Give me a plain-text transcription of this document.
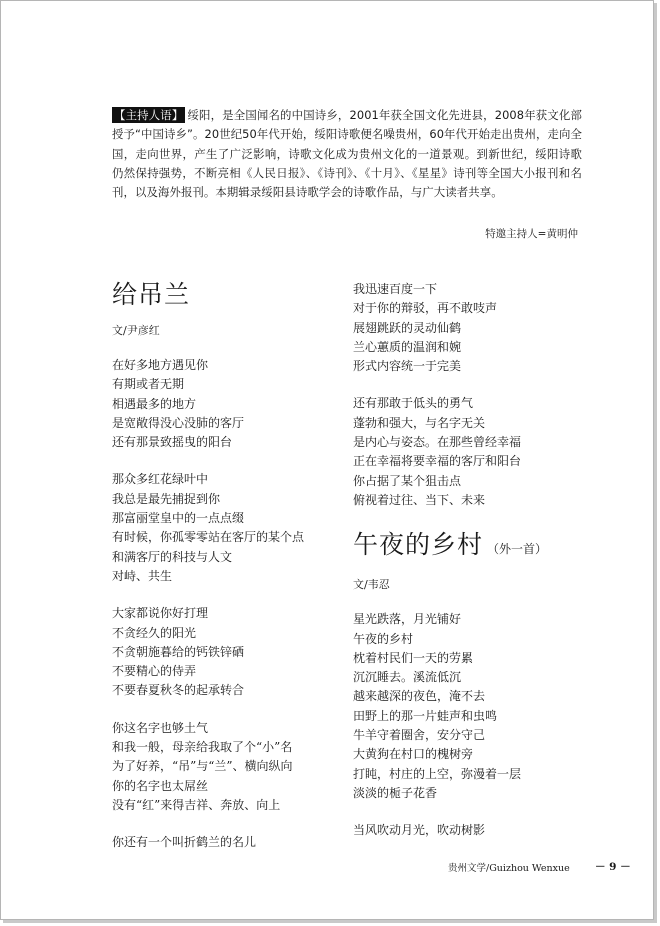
【主持人语】 绥阳，是全国闻名的中国诗乡，2001年获全国文化先进县，2008年获文化部授予“中国诗乡”。20世纪50年代开始，绥阳诗歌便名噪贵州，60年代开始走出贵州，走向全国，走向世界，产生了广泛影响，诗歌文化成为贵州文化的一道景观。到新世纪，绥阳诗歌仍然保持强势，不断亮相《人民日报》、《诗刊》、《十月》、《星星》诗刊等全国大小报刊和名刊，以及海外报刊。本期辑录绥阳县诗歌学会的诗歌作品，与广大读者共享。
特邀主持人=黄明仲
给吊兰
文/尹彦红
在好多地方遇见你
有期或者无期
相遇最多的地方
是宽敞得没心没肺的客厅
还有那景致摇曳的阳台
那众多红花绿叶中
我总是最先捕捉到你
那富丽堂皇中的一点点缀
有时候，你孤零零站在客厅的某个点
和满客厅的科技与人文
对峙、共生
大家都说你好打理
不贪经久的阳光
不贪朝施暮给的钙铁锌硒
不要精心的侍弄
不要春夏秋冬的起承转合
你这名字也够土气
和我一般，母亲给我取了个“小”名
为了好养，“吊”与“兰”、横向纵向
你的名字也太屌丝
没有“红”来得吉祥、奔放、向上
你还有一个叫折鹤兰的名儿
我迅速百度一下
对于你的辩驳，再不敢吱声
展翅跳跃的灵动仙鹤
兰心蕙质的温润和婉
形式内容统一于完美
还有那敢于低头的勇气
蓬勃和强大，与名字无关
是内心与姿态。在那些曾经幸福
正在幸福将要幸福的客厅和阳台
你占据了某个狙击点
俯视着过往、当下、未来
午夜的乡村 （外一首）
文/韦忍
星光跌落，月光铺好
午夜的乡村
枕着村民们一天的劳累
沉沉睡去。溪流低沉
越来越深的夜色，淹不去
田野上的那一片蛙声和虫鸣
牛羊守着圈舍，安分守己
大黄狗在村口的槐树旁
打盹，村庄的上空，弥漫着一层
淡淡的栀子花香
当风吹动月光，吹动树影
贵州文学/Guizhou Wenxue － 9 －
